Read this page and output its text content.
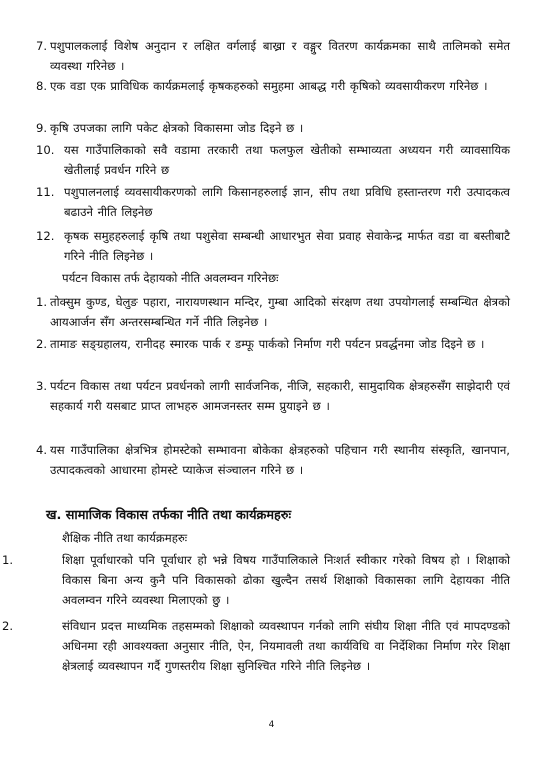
7. पशुपालकलाई विशेष अनुदान र लक्षित वर्गलाई बाख्रा र वङ्गुर वितरण कार्यक्रमका साथै तालिमको समेत व्यवस्था गरिनेछ ।
8. एक वडा एक प्राविधिक कार्यक्रमलाई कृषकहरुको समुहमा आबद्ध गरी कृषिको व्यवसायीकरण गरिनेछ ।
9. कृषि उपजका लागि पकेट क्षेत्रको विकासमा जोड दिइने छ ।
10. यस गाउँपालिकाको सवै वडामा तरकारी तथा फलफुल खेतीको सम्भाव्यता अध्ययन गरी व्यावसायिक खेतीलाई प्रवर्धन गरिने छ
11. पशुपालनलाई व्यवसायीकरणको लागि किसानहरुलाई ज्ञान, सीप तथा प्रविधि हस्तान्तरण गरी उत्पादकत्व बढाउने नीति लिइनेछ
12. कृषक समुहहरुलाई कृषि तथा पशुसेवा सम्बन्धी आधारभुत सेवा प्रवाह सेवाकेन्द्र मार्फत वडा वा बस्तीबाटै गरिने नीति लिइनेछ ।
पर्यटन विकास तर्फ देहायको नीति अवलम्वन गरिनेछः
1. तोक्सुम कुण्ड, घेलुङ पहारा, नारायणस्थान मन्दिर, गुम्बा आदिको संरक्षण तथा उपयोगलाई सम्बन्धित क्षेत्रको आयआर्जन सँग अन्तरसम्बन्धित गर्ने नीति लिइनेछ ।
2. तामाङ सङ्ग्रहालय, रानीदह स्मारक पार्क र डम्फू पार्कको निर्माण गरी पर्यटन प्रवर्द्धनमा जोड दिइने छ ।
3. पर्यटन विकास तथा पर्यटन प्रवर्धनको लागी सार्वजनिक, नीजि, सहकारी, सामुदायिक क्षेत्रहरुसँग साझेदारी एवं सहकार्य गरी यसबाट प्राप्त लाभहरु आमजनस्तर सम्म प्रुयाइने छ ।
4. यस गाउँपालिका क्षेत्रभित्र होमस्टेको सम्भावना बोकेका क्षेत्रहरुको पहिचान गरी स्थानीय संस्कृति, खानपान, उत्पादकत्वको आधारमा होमस्टे प्याकेज संञ्चालन गरिने छ ।
ख. सामाजिक विकास तर्फका नीति तथा कार्यक्रमहरुः
शैक्षिक नीति तथा कार्यक्रमहरुः
1.	शिक्षा पूर्वाधारको पनि पूर्वाधार हो भन्ने विषय गाउँपालिकाले निःशर्त स्वीकार गरेको विषय हो । शिक्षाको विकास बिना अन्य कुनै पनि विकासको ढोका खुल्दैन तसर्थ शिक्षाको विकासका लागि देहायका नीति अवलम्वन गरिने व्यवस्था मिलाएको छु ।
2.	संविधान प्रदत्त माध्यमिक तहसम्मको शिक्षाको व्यवस्थापन गर्नको लागि संघीय शिक्षा नीति एवं मापदण्डको अधिनमा रही आवश्यक्ता अनुसार नीति, ऐन, नियमावली तथा कार्यविधि वा निर्देशिका निर्माण गरेर शिक्षा क्षेत्रलाई व्यवस्थापन गर्दै गुणस्तरीय शिक्षा सुनिश्चित गरिने नीति लिइनेछ ।
4
